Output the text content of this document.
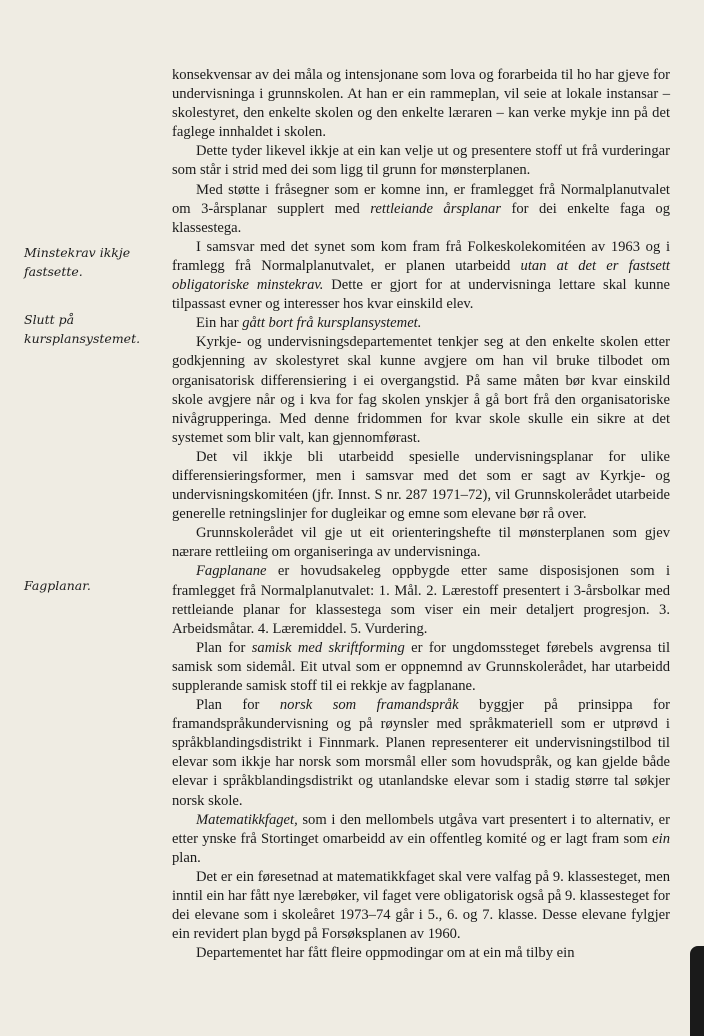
Minstekrav ikkje fastsette.
Slutt på kursplansystemet.
Fagplanar.

konsekvensar av dei måla og intensjonane som lova og forarbeida til ho har gjeve for undervisninga i grunnskolen. At han er ein rammeplan, vil seie at lokale instansar – skolestyret, den enkelte skolen og den enkelte læraren – kan verke mykje inn på det faglege innhaldet i skolen.

Dette tyder likevel ikkje at ein kan velje ut og presentere stoff ut frå vurderingar som står i strid med dei som ligg til grunn for mønsterplanen.

Med støtte i fråsegner som er komne inn, er framlegget frå Normalplanutvalet om 3-årsplanar supplert med rettleiande årsplanar for dei enkelte faga og klassestega.

I samsvar med det synet som kom fram frå Folkeskolekomitéen av 1963 og i framlegg frå Normalplanutvalet, er planen utarbeidd utan at det er fastsett obligatoriske minstekrav. Dette er gjort for at undervisninga lettare skal kunne tilpassast evner og interesser hos kvar einskild elev.

Ein har gått bort frå kursplansystemet.

Kyrkje- og undervisningsdepartementet tenkjer seg at den enkelte skolen etter godkjenning av skolestyret skal kunne avgjere om han vil bruke tilbodet om organisatorisk differensiering i ei overgangstid. På same måten bør kvar einskild skole avgjere når og i kva for fag skolen ynskjer å gå bort frå den organisatoriske nivågrupperinga. Med denne fridommen for kvar skole skulle ein sikre at det systemet som blir valt, kan gjennomførast.

Det vil ikkje bli utarbeidd spesielle undervisningsplanar for ulike differensieringsformer, men i samsvar med det som er sagt av Kyrkje- og undervisningskomitéen (jfr. Innst. S nr. 287 1971–72), vil Grunnskolerådet utarbeide generelle retningslinjer for dugleikar og emne som elevane bør rå over.

Grunnskolerådet vil gje ut eit orienteringshefte til mønsterplanen som gjev nærare rettleiing om organiseringa av undervisninga.

Fagplanane er hovudsakeleg oppbygde etter same disposisjonen som i framlegget frå Normalplanutvalet: 1. Mål. 2. Lærestoff presentert i 3-årsbolkar med rettleiande planar for klassestega som viser ein meir detaljert progresjon. 3. Arbeidsmåtar. 4. Læremiddel. 5. Vurdering.

Plan for samisk med skriftforming er for ungdomssteget førebels avgrensa til samisk som sidemål. Eit utval som er oppnemnd av Grunnskolerådet, har utarbeidd supplerande samisk stoff til ei rekkje av fagplanane.

Plan for norsk som framandspråk byggjer på prinsippa for framandspråkundervisning og på røynsler med språkmateriell som er utprøvd i språkblandingsdistrikt i Finnmark. Planen representerer eit undervisningstilbod til elevar som ikkje har norsk som morsmål eller som hovudspråk, og kan gjelde både elevar i språkblandingsdistrikt og utanlandske elevar som i stadig større tal søkjer norsk skole.

Matematikkfaget, som i den mellombels utgåva vart presentert i to alternativ, er etter ynske frå Stortinget omarbeidd av ein offentleg komité og er lagt fram som ein plan.

Det er ein føresetnad at matematikkfaget skal vere valfag på 9. klassesteget, men inntil ein har fått nye lærebøker, vil faget vere obligatorisk også på 9. klassesteget for dei elevane som i skoleåret 1973–74 går i 5., 6. og 7. klasse. Desse elevane fylgjer ein revidert plan bygd på Forsøksplanen av 1960.

Departementet har fått fleire oppmodingar om at ein må tilby ein
